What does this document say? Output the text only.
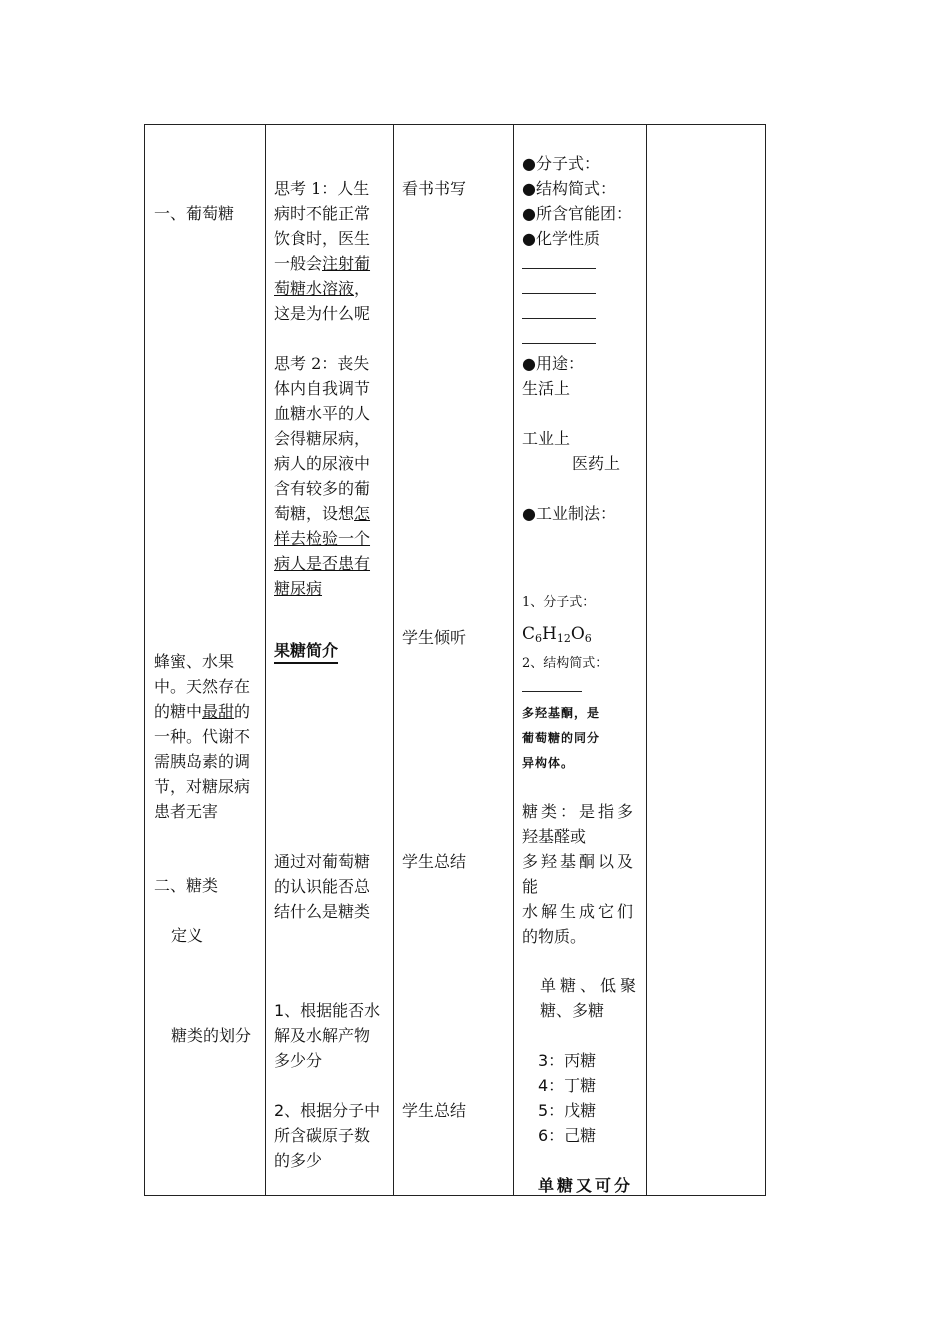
一、葡萄糖
蜂蜜、水果
中。天然存在
的糖中最甜的
一种。代谢不
需胰岛素的调
节，对糖尿病
患者无害
二、糖类
定义
糖类的划分
思考 1：人生
病时不能正常
饮食时，医生
一般会注射葡
萄糖水溶液，
这是为什么呢
思考 2：丧失
体内自我调节
血糖水平的人
会得糖尿病，
病人的尿液中
含有较多的葡
萄糖，设想怎
样去检验一个
病人是否患有
糖尿病
果糖简介
通过对葡萄糖
的认识能否总
结什么是糖类
1、根据能否水
解及水解产物
多少分
2、根据分子中
所含碳原子数
的多少
看书书写
学生倾听
学生总结
学生总结
●分子式：
●结构简式：
●所含官能团：
●化学性质
●用途：
生活上
工业上
医药上
●工业制法：
1、分子式：
$C_6H_{12}O_6$
2、结构简式：
多羟基酮，是
葡萄糖的同分
异构体。
糖类：是指多
羟基醛或
多羟基酮以及
能
水解生成它们
的物质。
单糖、低聚
糖、多糖
3：丙糖
4：丁糖
5：戊糖
6：己糖
单糖又可分
